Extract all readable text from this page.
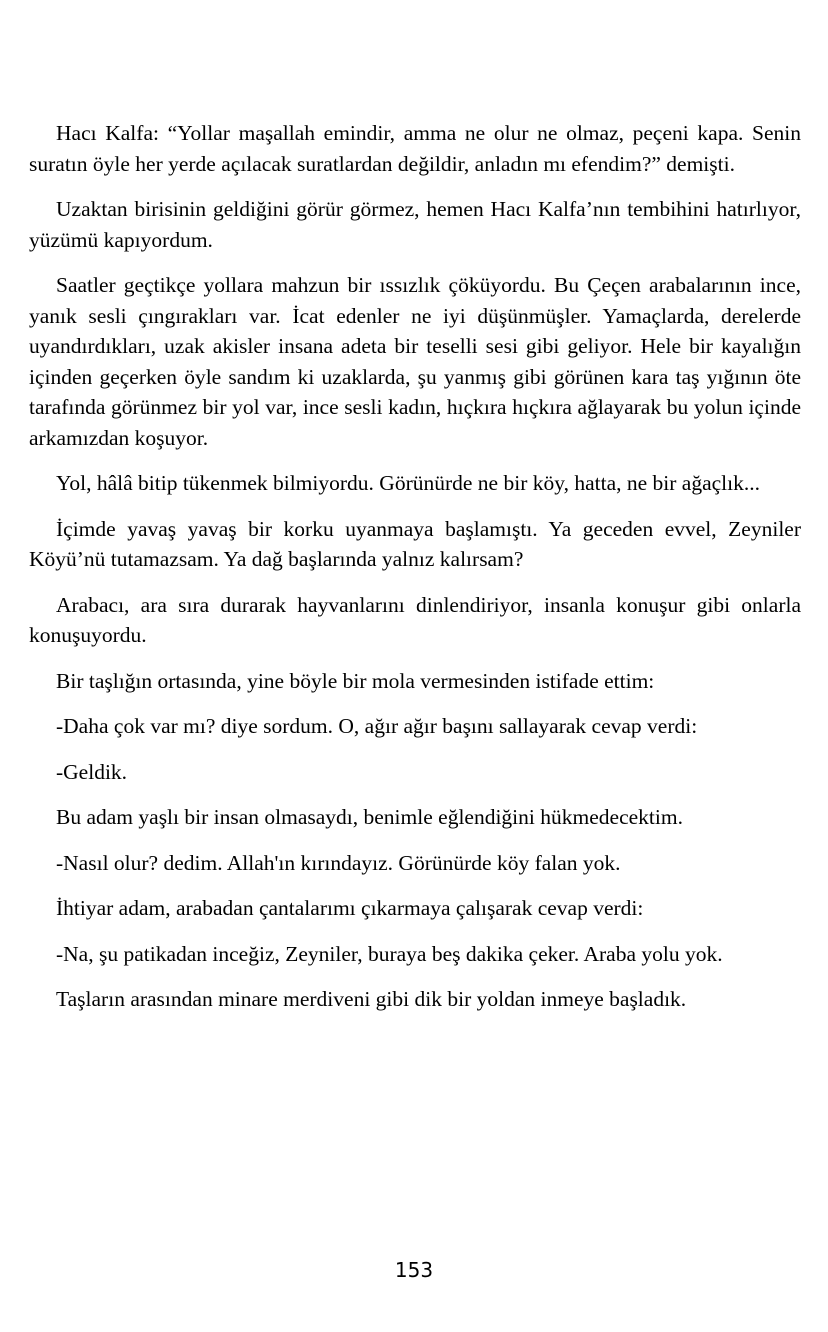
Hacı Kalfa: “Yollar maşallah emindir, amma ne olur ne olmaz, peçeni kapa. Senin suratın öyle her yerde açılacak suratlardan değildir, anladın mı efendim?” demişti.

Uzaktan birisinin geldiğini görür görmez, hemen Hacı Kalfa’nın tembihini hatırlıyor, yüzümü kapıyordum.

Saatler geçtikçe yollara mahzun bir ıssızlık çöküyordu. Bu Çeçen arabalarının ince, yanık sesli çıngırakları var. İcat edenler ne iyi düşünmüşler. Yamaçlarda, derelerde uyandırdıkları, uzak akisler insana adeta bir teselli sesi gibi geliyor. Hele bir kayalığın içinden geçerken öyle sandım ki uzaklarda, şu yanmış gibi görünen kara taş yığının öte tarafında görünmez bir yol var, ince sesli kadın, hıçkıra hıçkıra ağlayarak bu yolun içinde arkamızdan koşuyor.

Yol, hâlâ bitip tükenmek bilmiyordu. Görünürde ne bir köy, hatta, ne bir ağaçlık...

İçimde yavaş yavaş bir korku uyanmaya başlamıştı. Ya geceden evvel, Zeyniler Köyü’nü tutamazsam. Ya dağ başlarında yalnız kalırsam?

Arabacı, ara sıra durarak hayvanlarını dinlendiriyor, insanla konuşur gibi onlarla konuşuyordu.

Bir taşlığın ortasında, yine böyle bir mola vermesinden istifade ettim:

-Daha çok var mı? diye sordum. O, ağır ağır başını sallayarak cevap verdi:

-Geldik.

Bu adam yaşlı bir insan olmasaydı, benimle eğlendiğini hükmedecektim.

-Nasıl olur? dedim. Allah'ın kırındayız. Görünürde köy falan yok.

İhtiyar adam, arabadan çantalarımı çıkarmaya çalışarak cevap verdi:

-Na, şu patikadan inceğiz, Zeyniler, buraya beş dakika çeker. Araba yolu yok.

Taşların arasından minare merdiveni gibi dik bir yoldan inmeye başladık.

153
